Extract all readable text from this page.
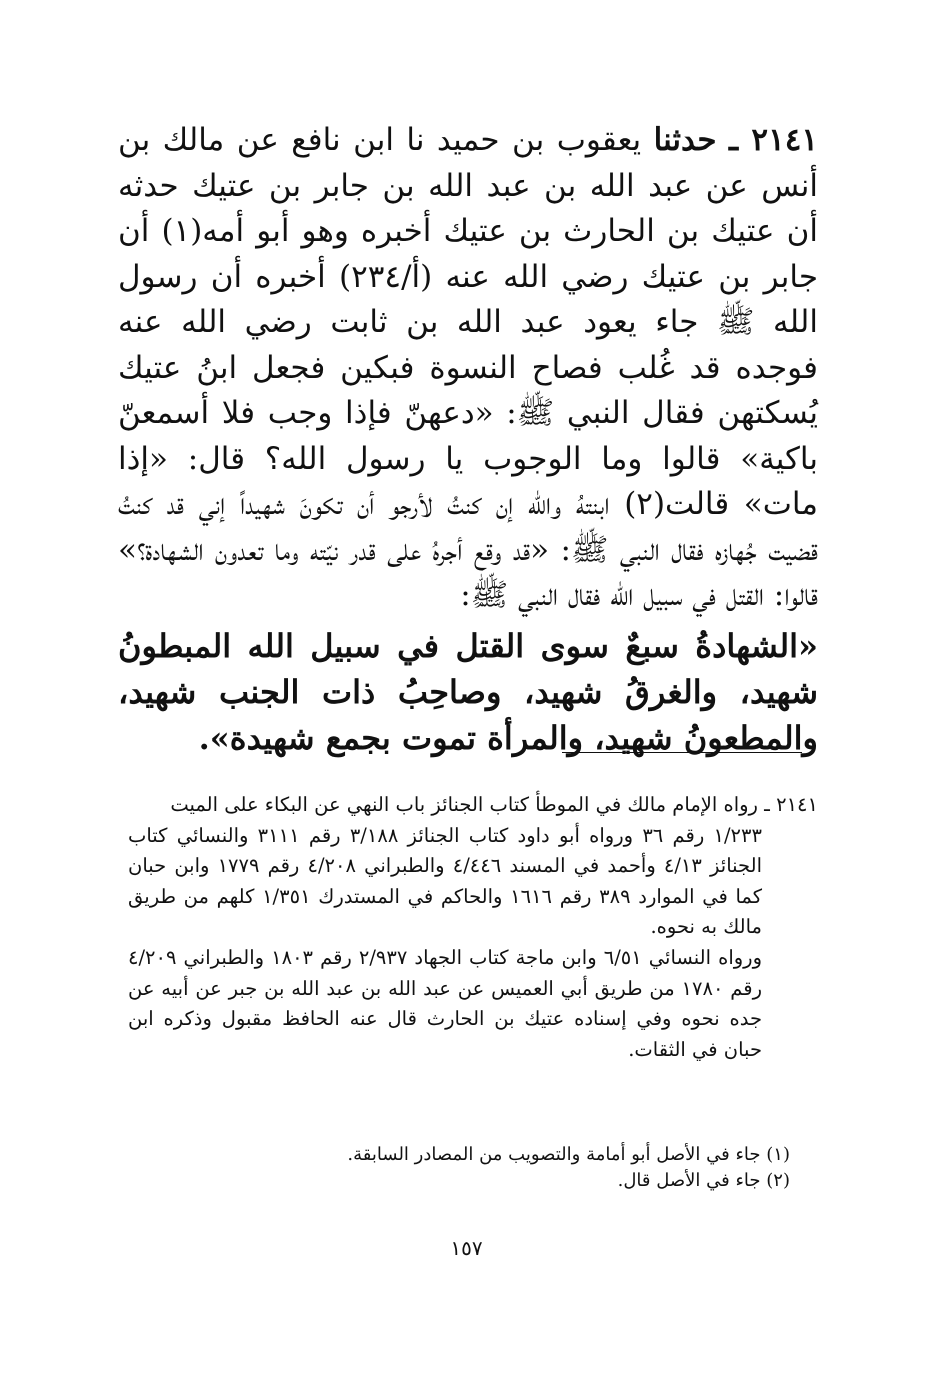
٢١٤١ ـ حدثنا يعقوب بن حميد نا ابن نافع عن مالك بن أنس عن عبد الله بن عبد الله بن جابر بن عتيك حدثه أن عتيك بن الحارث بن عتيك أخبره وهو أبو أمه(١) أن جابر بن عتيك رضي الله عنه (أ/٢٣٤) أخبره أن رسول الله ﷺ جاء يعود عبد الله بن ثابت رضي الله عنه فوجده قد غُلب فصاح النسوة فبكين فجعل ابنُ عتيك يُسكتهن فقال النبي ﷺ: «دعهنّ فإذا وجب فلا أسمعنّ باكية» قالوا وما الوجوب يا رسول الله؟ قال: «إذا مات» قالت(٢) ابنتهُ والله إن كنتُ لأرجو أن تكونَ شهيداً إني قد كنتُ قضيت جُهازه فقال النبي ﷺ: «قد وقع أجرهُ على قدر نيّته وما تعدون الشهادة؟» قالوا: القتل في سبيل الله فقال النبي ﷺ:

«الشهادةُ سبعٌ سوى القتل في سبيل الله المبطونُ شهيد، والغرقُ شهيد، وصاحِبُ ذات الجنب شهيد، والمطعونُ شهيد، والمرأة تموت بجمع شهيدة».

٢١٤١ ـ رواه الإمام مالك في الموطأ كتاب الجنائز باب النهي عن البكاء على الميت

١/٢٣٣ رقم ٣٦ ورواه أبو داود كتاب الجنائز ٣/١٨٨ رقم ٣١١١ والنسائي كتاب الجنائز ٤/١٣ وأحمد في المسند ٤/٤٤٦ والطبراني ٤/٢٠٨ رقم ١٧٧٩ وابن حبان كما في الموارد ٣٨٩ رقم ١٦١٦ والحاكم في المستدرك ١/٣٥١ كلهم من طريق مالك به نحوه.

ورواه النسائي ٦/٥١ وابن ماجة كتاب الجهاد ٢/٩٣٧ رقم ١٨٠٣ والطبراني ٤/٢٠٩ رقم ١٧٨٠ من طريق أبي العميس عن عبد الله بن عبد الله بن جبر عن أبيه عن جده نحوه وفي إسناده عتيك بن الحارث قال عنه الحافظ مقبول وذكره ابن حبان في الثقات.

(١) جاء في الأصل أبو أمامة والتصويب من المصادر السابقة.

(٢) جاء في الأصل قال.

١٥٧
